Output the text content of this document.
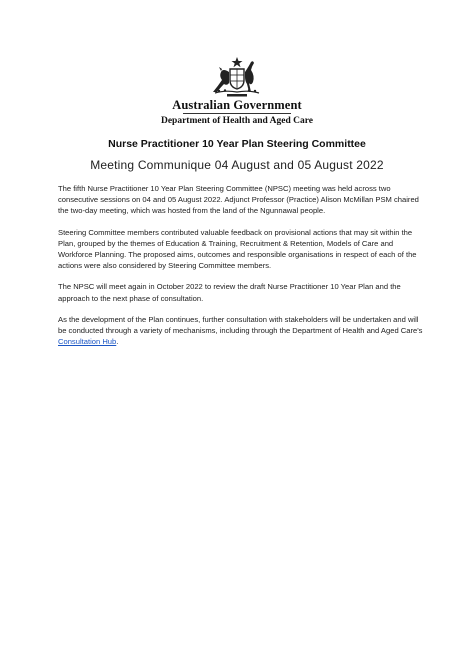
Australian Government
Department of Health and Aged Care
Nurse Practitioner 10 Year Plan Steering Committee
Meeting Communique 04 August and 05 August 2022

The fifth Nurse Practitioner 10 Year Plan Steering Committee (NPSC) meeting was held across two consecutive sessions on 04 and 05 August 2022. Adjunct Professor (Practice) Alison McMillan PSM chaired the two-day meeting, which was hosted from the land of the Ngunnawal people.

Steering Committee members contributed valuable feedback on provisional actions that may sit within the Plan, grouped by the themes of Education & Training, Recruitment & Retention, Models of Care and Workforce Planning. The proposed aims, outcomes and responsible organisations in respect of each of the actions were also considered by Steering Committee members.

The NPSC will meet again in October 2022 to review the draft Nurse Practitioner 10 Year Plan and the approach to the next phase of consultation.

As the development of the Plan continues, further consultation with stakeholders will be undertaken and will be conducted through a variety of mechanisms, including through the Department of Health and Aged Care's Consultation Hub.
